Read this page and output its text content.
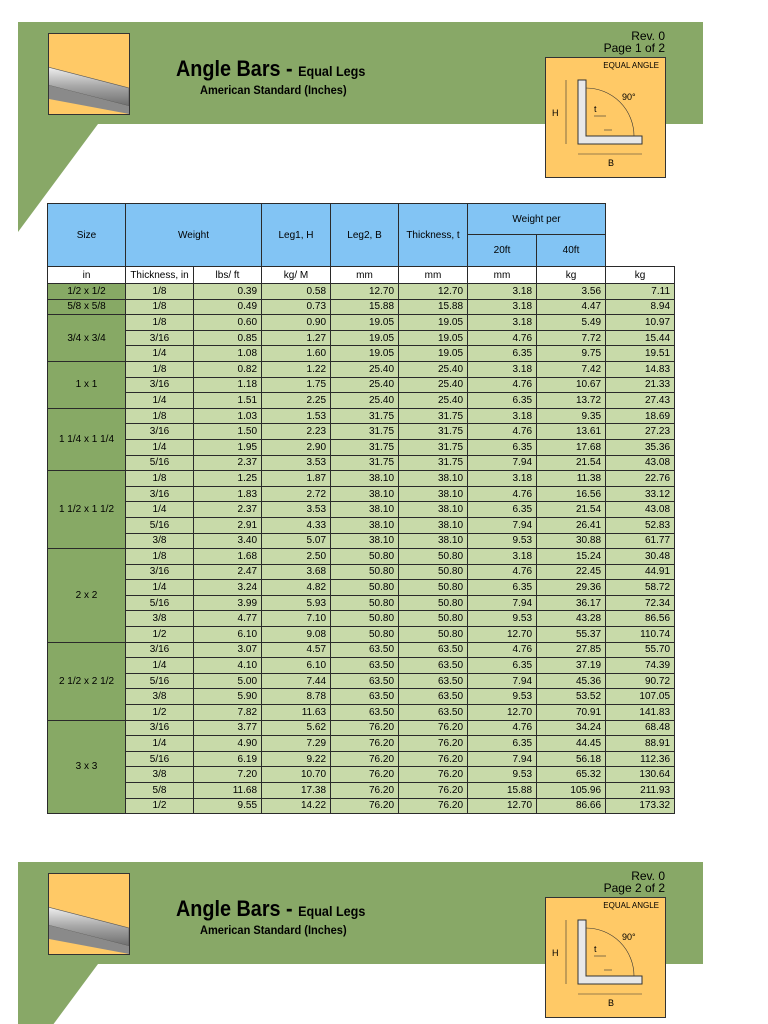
Angle Bars - Equal Legs
American Standard (Inches)
Rev. 0
Page 1 of 2
EQUAL ANGLE
H
B
t
90°
Size	Weight		Leg1, H	Leg2, B	Thickness, t	Weight per		
						20ft	40ft	
in	Thickness, in	lbs/ ft	kg/ M	mm	mm	mm	kg	kg
1/2 x 1/2	1/8	0.39	0.58	12.70	12.70	3.18	3.56	7.11
5/8 x 5/8	1/8	0.49	0.73	15.88	15.88	3.18	4.47	8.94
3/4 x 3/4	1/8	0.60	0.90	19.05	19.05	3.18	5.49	10.97
	3/16	0.85	1.27	19.05	19.05	4.76	7.72	15.44
	1/4	1.08	1.60	19.05	19.05	6.35	9.75	19.51
1 x 1	1/8	0.82	1.22	25.40	25.40	3.18	7.42	14.83
	3/16	1.18	1.75	25.40	25.40	4.76	10.67	21.33
	1/4	1.51	2.25	25.40	25.40	6.35	13.72	27.43
1 1/4 x 1 1/4	1/8	1.03	1.53	31.75	31.75	3.18	9.35	18.69
	3/16	1.50	2.23	31.75	31.75	4.76	13.61	27.23
	1/4	1.95	2.90	31.75	31.75	6.35	17.68	35.36
	5/16	2.37	3.53	31.75	31.75	7.94	21.54	43.08
1 1/2 x 1 1/2	1/8	1.25	1.87	38.10	38.10	3.18	11.38	22.76
	3/16	1.83	2.72	38.10	38.10	4.76	16.56	33.12
	1/4	2.37	3.53	38.10	38.10	6.35	21.54	43.08
	5/16	2.91	4.33	38.10	38.10	7.94	26.41	52.83
	3/8	3.40	5.07	38.10	38.10	9.53	30.88	61.77
2 x 2	1/8	1.68	2.50	50.80	50.80	3.18	15.24	30.48
	3/16	2.47	3.68	50.80	50.80	4.76	22.45	44.91
	1/4	3.24	4.82	50.80	50.80	6.35	29.36	58.72
	5/16	3.99	5.93	50.80	50.80	7.94	36.17	72.34
	3/8	4.77	7.10	50.80	50.80	9.53	43.28	86.56
	1/2	6.10	9.08	50.80	50.80	12.70	55.37	110.74
2 1/2 x 2 1/2	3/16	3.07	4.57	63.50	63.50	4.76	27.85	55.70
	1/4	4.10	6.10	63.50	63.50	6.35	37.19	74.39
	5/16	5.00	7.44	63.50	63.50	7.94	45.36	90.72
	3/8	5.90	8.78	63.50	63.50	9.53	53.52	107.05
	1/2	7.82	11.63	63.50	63.50	12.70	70.91	141.83
3 x 3	3/16	3.77	5.62	76.20	76.20	4.76	34.24	68.48
	1/4	4.90	7.29	76.20	76.20	6.35	44.45	88.91
	5/16	6.19	9.22	76.20	76.20	7.94	56.18	112.36
	3/8	7.20	10.70	76.20	76.20	9.53	65.32	130.64
	5/8	11.68	17.38	76.20	76.20	15.88	105.96	211.93
	1/2	9.55	14.22	76.20	76.20	12.70	86.66	173.32
Angle Bars - Equal Legs
American Standard (Inches)
Rev. 0
Page 2 of 2
EQUAL ANGLE
H
B
t
90°
